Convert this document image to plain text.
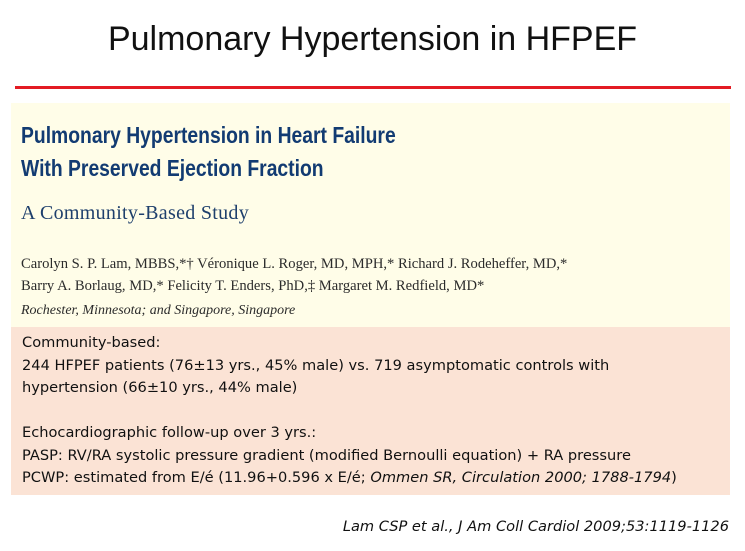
Pulmonary Hypertension in HFPEF
Pulmonary Hypertension in Heart Failure
With Preserved Ejection Fraction
A Community-Based Study
Carolyn S. P. Lam, MBBS,*† Véronique L. Roger, MD, MPH,* Richard J. Rodeheffer, MD,*
Barry A. Borlaug, MD,* Felicity T. Enders, PhD,‡ Margaret M. Redfield, MD*
Rochester, Minnesota; and Singapore, Singapore
Community-based:
244 HFPEF patients (76±13 yrs., 45% male) vs. 719 asymptomatic controls with
hypertension (66±10 yrs., 44% male)
Echocardiographic follow-up over 3 yrs.:
PASP: RV/RA systolic pressure gradient (modified Bernoulli equation) + RA pressure
PCWP: estimated from E/é (11.96+0.596 x E/é; Ommen SR, Circulation 2000; 1788-1794)
Lam CSP et al., J Am Coll Cardiol 2009;53:1119-1126
